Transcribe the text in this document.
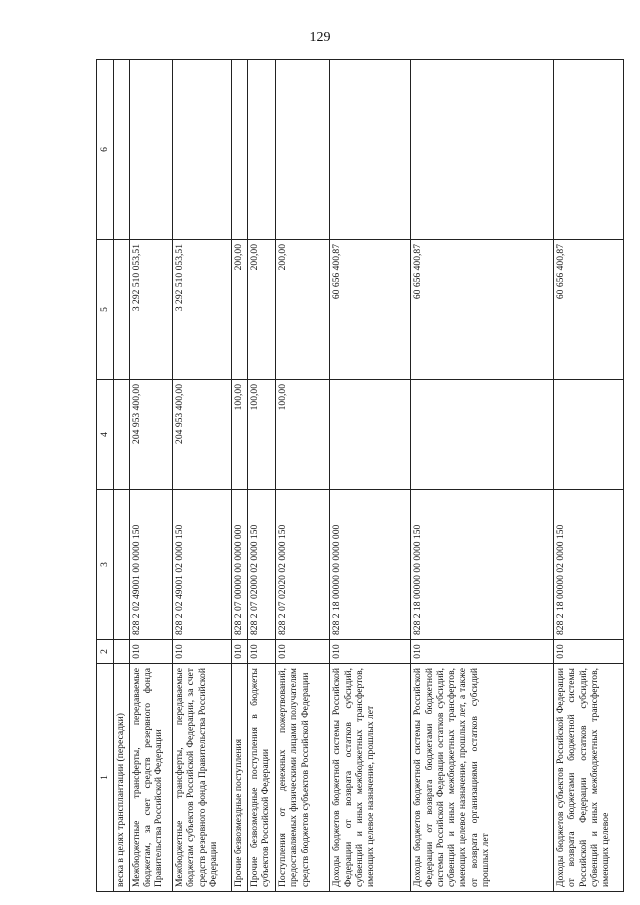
129
1	2	3	4	5	6
веска в целях трансплантации (пересадки)					
Межбюджетные трансферты, передаваемые бюджетам, за счет средств резервного фонда Правительства Российской Федерации	010	828 2 02 49001 00 0000 150	204 953 400,00	3 292 510 053,51	
Межбюджетные трансферты, передаваемые бюджетам субъектов Российской Федерации, за счет средств резервного фонда Правительства Российской Федерации	010	828 2 02 49001 02 0000 150	204 953 400,00	3 292 510 053,51	
Прочие безвозмездные поступления	010	828 2 07 00000 00 0000 000	100,00	200,00	
Прочие безвозмездные поступления в бюджеты субъектов Российской Федерации	010	828 2 07 02000 02 0000 150	100,00	200,00	
Поступления от денежных пожертвований, предоставляемых физическими лицами получателям средств бюджетов субъектов Российской Федерации	010	828 2 07 02020 02 0000 150	100,00	200,00	
Доходы бюджетов бюджетной системы Российской Федерации от возврата остатков субсидий, субвенций и иных межбюджетных трансфертов, имеющих целевое назначение, прошлых лет	010	828 2 18 00000 00 0000 000		60 656 400,87	
Доходы бюджетов бюджетной системы Российской Федерации от возврата бюджетами бюджетной системы Российской Федерации остатков субсидий, субвенций и иных межбюджетных трансфертов, имеющих целевое назначение, прошлых лет, а также от возврата организациями остатков субсидий прошлых лет	010	828 2 18 00000 00 0000 150		60 656 400,87	
Доходы бюджетов субъектов Российской Федерации от возврата бюджетами бюджетной системы Российской Федерации остатков субсидий, субвенций и иных межбюджетных трансфертов, имеющих целевое	010	828 2 18 00000 02 0000 150		60 656 400,87	
